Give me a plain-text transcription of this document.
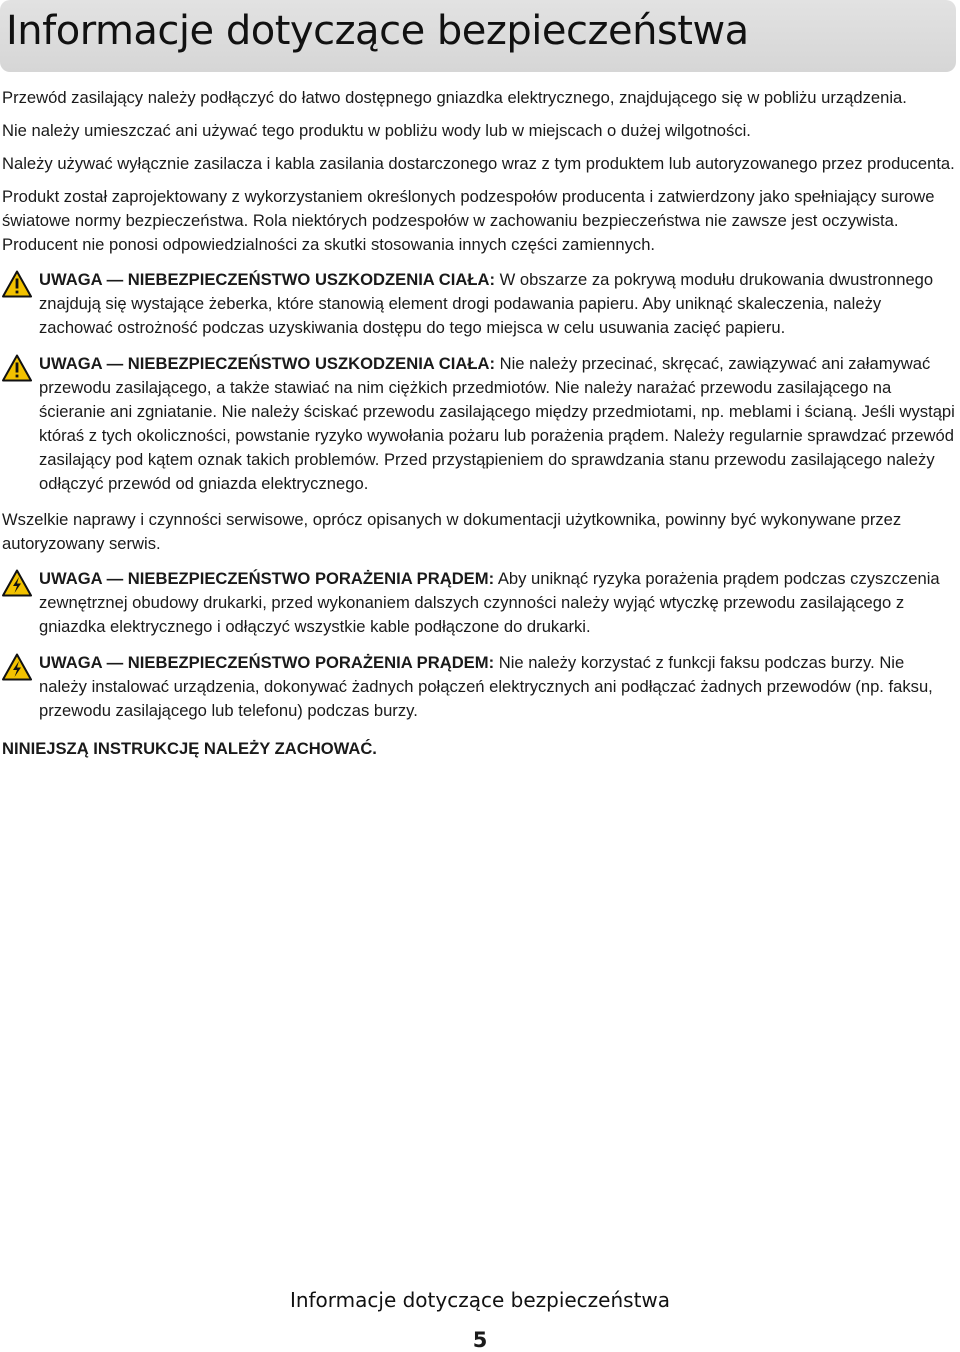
Informacje dotyczące bezpieczeństwa

Przewód zasilający należy podłączyć do łatwo dostępnego gniazdka elektrycznego, znajdującego się w pobliżu urządzenia.

Nie należy umieszczać ani używać tego produktu w pobliżu wody lub w miejscach o dużej wilgotności.

Należy używać wyłącznie zasilacza i kabla zasilania dostarczonego wraz z tym produktem lub autoryzowanego przez producenta.

Produkt został zaprojektowany z wykorzystaniem określonych podzespołów producenta i zatwierdzony jako spełniający surowe światowe normy bezpieczeństwa. Rola niektórych podzespołów w zachowaniu bezpieczeństwa nie zawsze jest oczywista. Producent nie ponosi odpowiedzialności za skutki stosowania innych części zamiennych.

UWAGA — NIEBEZPIECZEŃSTWO USZKODZENIA CIAŁA: W obszarze za pokrywą modułu drukowania dwustronnego znajdują się wystające żeberka, które stanowią element drogi podawania papieru. Aby uniknąć skaleczenia, należy zachować ostrożność podczas uzyskiwania dostępu do tego miejsca w celu usuwania zacięć papieru.
UWAGA — NIEBEZPIECZEŃSTWO USZKODZENIA CIAŁA: Nie należy przecinać, skręcać, zawiązywać ani załamywać przewodu zasilającego, a także stawiać na nim ciężkich przedmiotów. Nie należy narażać przewodu zasilającego na ścieranie ani zgniatanie. Nie należy ściskać przewodu zasilającego między przedmiotami, np. meblami i ścianą. Jeśli wystąpi któraś z tych okoliczności, powstanie ryzyko wywołania pożaru lub porażenia prądem. Należy regularnie sprawdzać przewód zasilający pod kątem oznak takich problemów. Przed przystąpieniem do sprawdzania stanu przewodu zasilającego należy odłączyć przewód od gniazda elektrycznego.

Wszelkie naprawy i czynności serwisowe, oprócz opisanych w dokumentacji użytkownika, powinny być wykonywane przez autoryzowany serwis.

UWAGA — NIEBEZPIECZEŃSTWO PORAŻENIA PRĄDEM: Aby uniknąć ryzyka porażenia prądem podczas czyszczenia zewnętrznej obudowy drukarki, przed wykonaniem dalszych czynności należy wyjąć wtyczkę przewodu zasilającego z gniazdka elektrycznego i odłączyć wszystkie kable podłączone do drukarki.
UWAGA — NIEBEZPIECZEŃSTWO PORAŻENIA PRĄDEM: Nie należy korzystać z funkcji faksu podczas burzy. Nie należy instalować urządzenia, dokonywać żadnych połączeń elektrycznych ani podłączać żadnych przewodów (np. faksu, przewodu zasilającego lub telefonu) podczas burzy.

NINIEJSZĄ INSTRUKCJĘ NALEŻY ZACHOWAĆ.

Informacje dotyczące bezpieczeństwa
5
